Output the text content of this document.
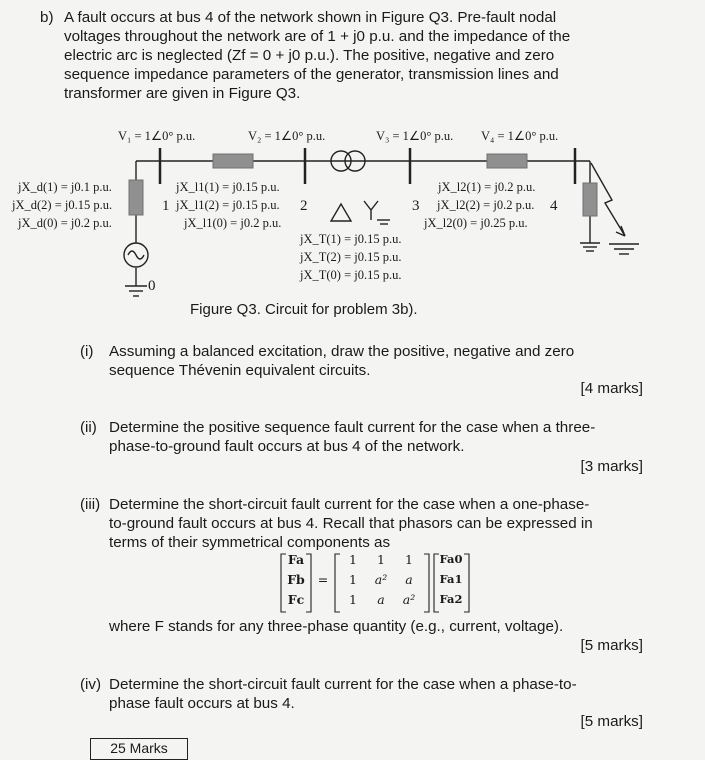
b) A fault occurs at bus 4 of the network shown in Figure Q3. Pre-fault nodal
voltages throughout the network are of 1 + j0 p.u. and the impedance of the
electric arc is neglected (Zf = 0 + j0 p.u.). The positive, negative and zero
sequence impedance parameters of the generator, transmission lines and
transformer are given in Figure Q3.
V₁ = 1∠0° p.u.	V₂ = 1∠0° p.u.	V₃ = 1∠0° p.u. V₄ = 1∠0° p.u.
jX_d(1) = j0.1 p.u.
jX_d(2) = j0.15 p.u.
jX_d(0) = j0.2 p.u.
jX_l1(1) = j0.15 p.u.
jX_l1(2) = j0.15 p.u.
jX_l1(0) = j0.2 p.u.
jX_T(1) = j0.15 p.u.
jX_T(2) = j0.15 p.u.
jX_T(0) = j0.15 p.u.
jX_l2(1) = j0.2 p.u.
jX_l2(2) = j0.2 p.u.
jX_l2(0) = j0.25 p.u.
0
1	2	3	4
Figure Q3. Circuit for problem 3b).
(i) Assuming a balanced excitation, draw the positive, negative and zero
sequence Thévenin equivalent circuits.
[4 marks]
(ii) Determine the positive sequence fault current for the case when a three-
phase-to-ground fault occurs at bus 4 of the network.
[3 marks]
(iii) Determine the short-circuit fault current for the case when a one-phase-
to-ground fault occurs at bus 4. Recall that phasors can be expressed in
terms of their symmetrical components as
Fa
Fb
Fc
=
1	1	1
1	a²	a
1	a	a²
Fa0
Fa1
Fa2
where F stands for any three-phase quantity (e.g., current, voltage).
[5 marks]
(iv) Determine the short-circuit fault current for the case when a phase-to-
phase fault occurs at bus 4.
[5 marks]
25 Marks
